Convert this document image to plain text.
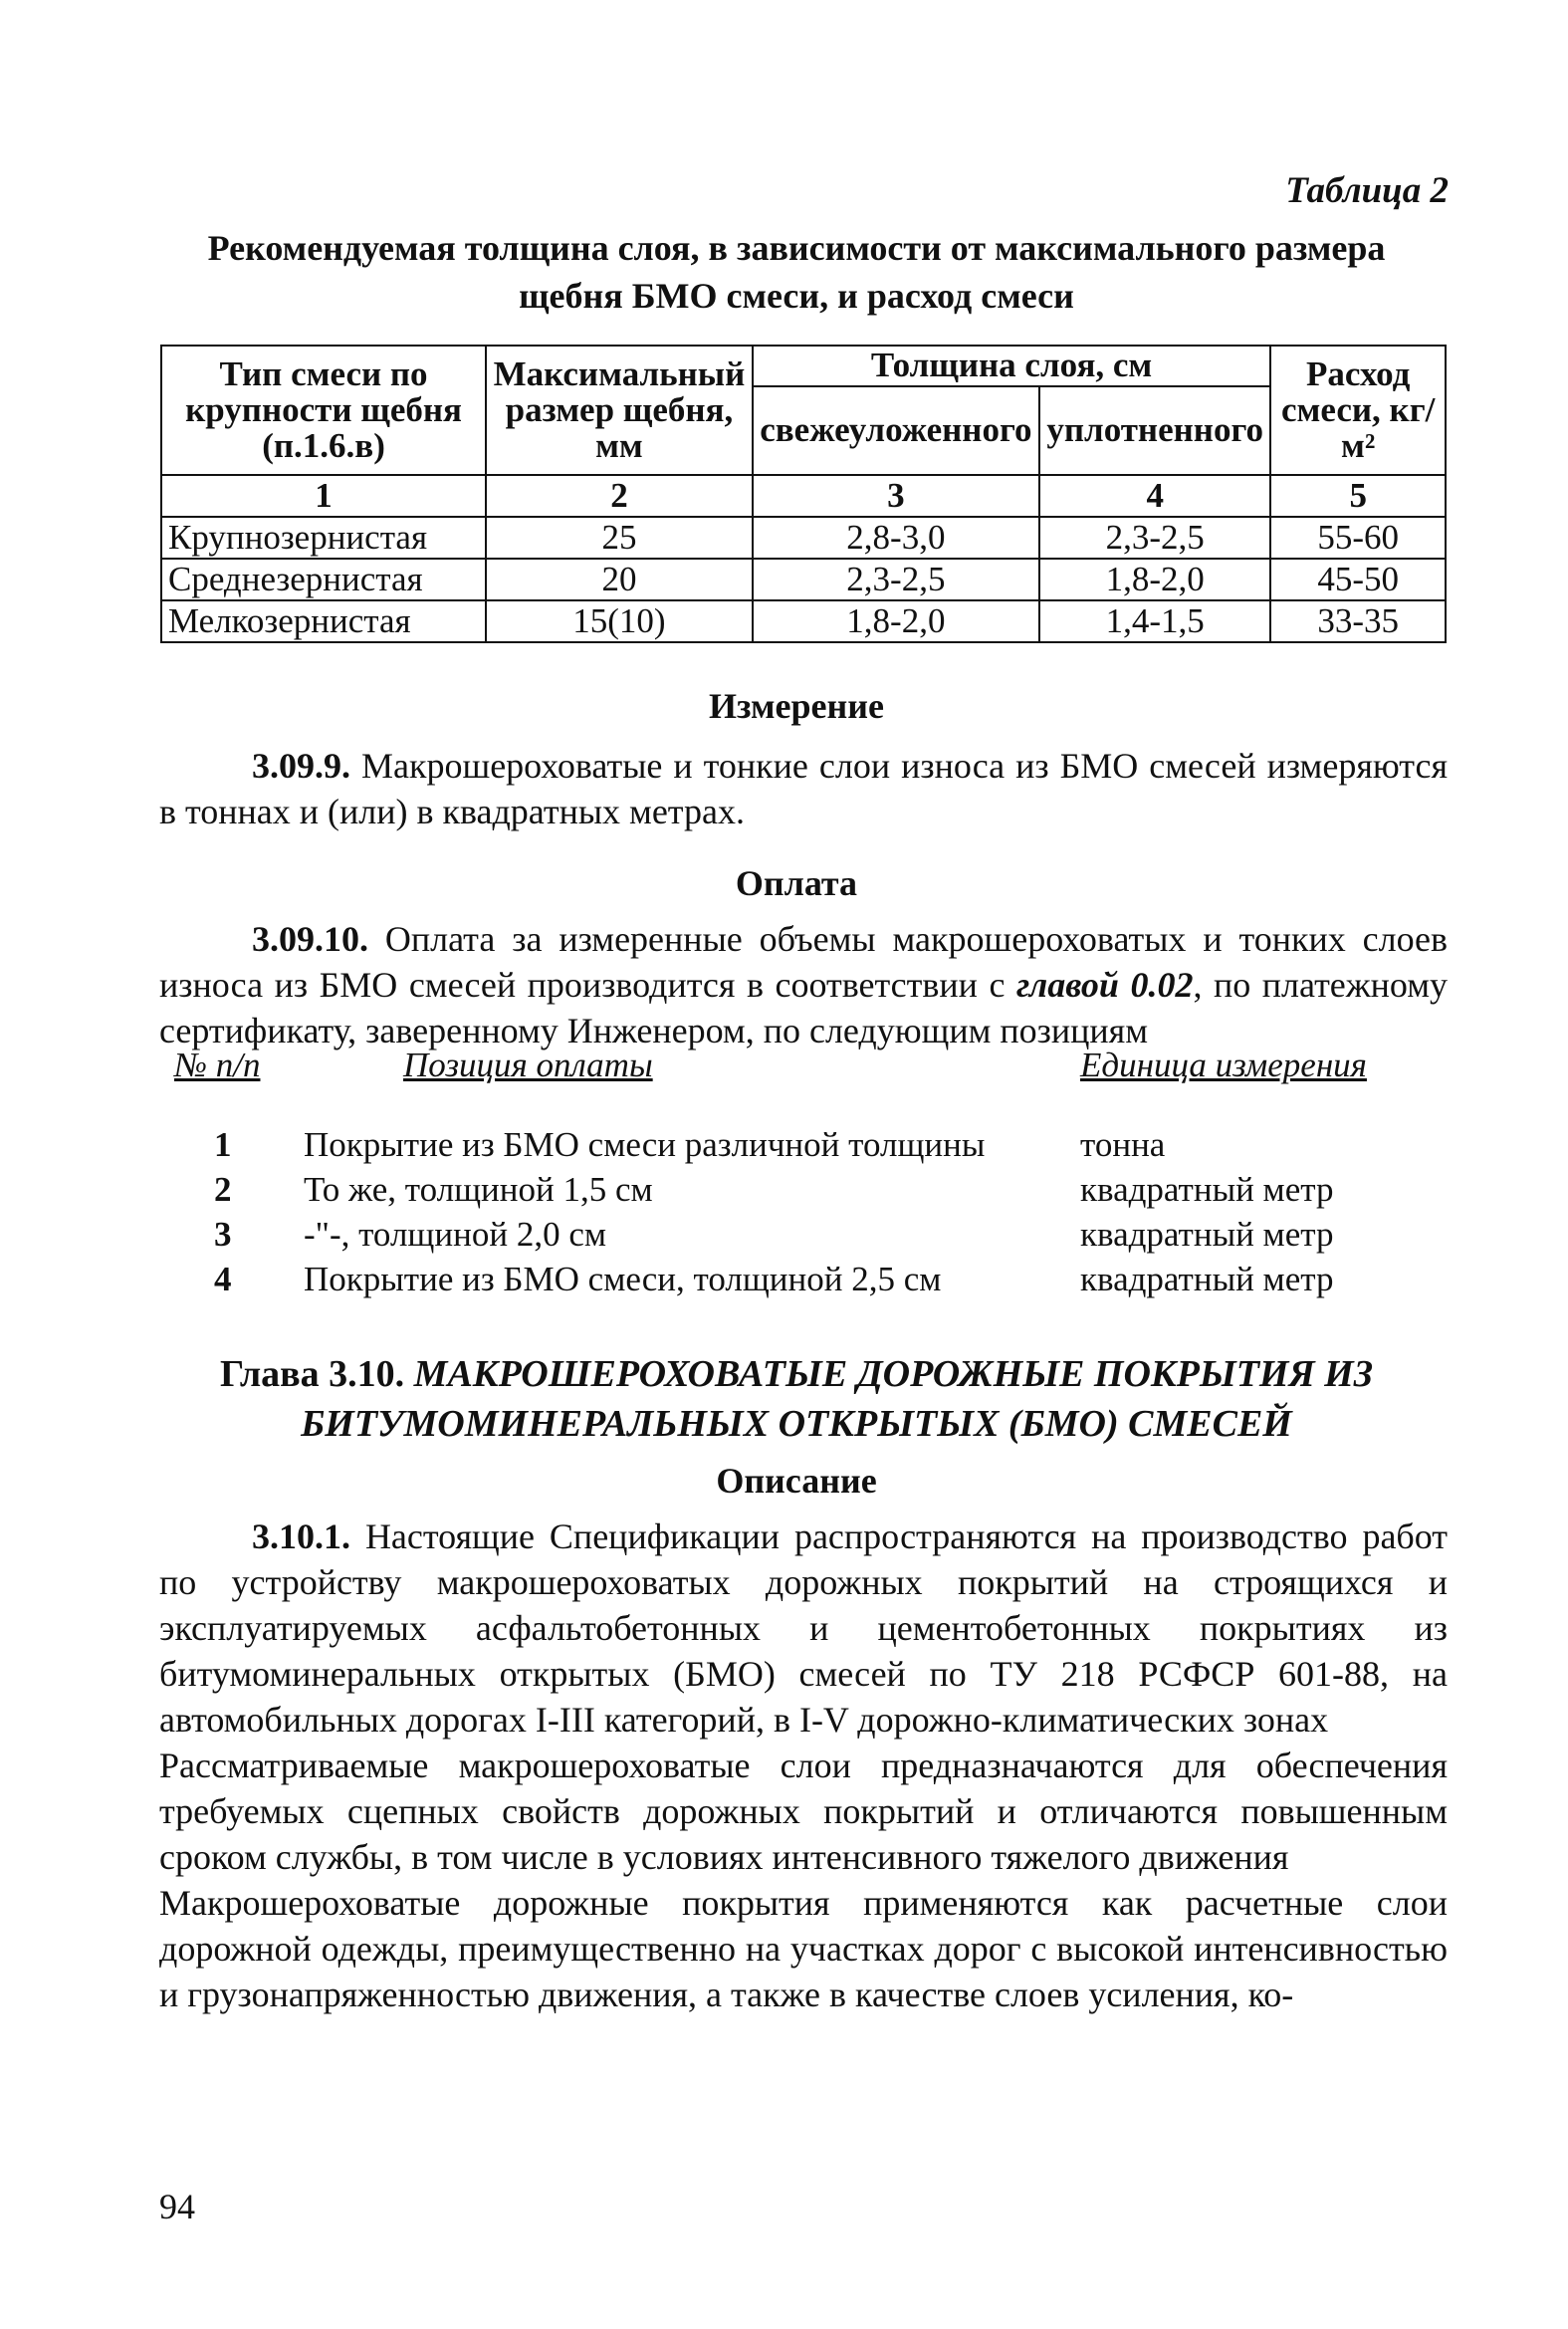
Таблица 2
Рекомендуемая толщина слоя, в зависимости от максимального размера
щебня БМО смеси, и расход смеси
Тип смеси по крупности щебня (п.1.6.в)	Максимальный размер щебня, мм	Толщина слоя, см		Расход смеси, кг/м²
		свежеуложенного	уплотненного	
1	2	3	4	5
Крупнозернистая	25	2,8-3,0	2,3-2,5	55-60
Среднезернистая	20	2,3-2,5	1,8-2,0	45-50
Мелкозернистая	15(10)	1,8-2,0	1,4-1,5	33-35
Измерение
3.09.9. Макрошероховатые и тонкие слои износа из БМО смесей измеряются в тоннах и (или) в квадратных метрах.
Оплата
3.09.10. Оплата за измеренные объемы макрошероховатых и тонких слоев износа из БМО смесей производится в соответствии с главой 0.02, по платежному сертификату, заверенному Инженером, по следующим позициям
№ п/п	Позиция оплаты	Единица измерения
1 Покрытие из БМО смеси различной толщины	тонна
2 То же, толщиной 1,5 см	квадратный метр
3 -"-, толщиной 2,0 см	квадратный метр
4 Покрытие из БМО смеси, толщиной 2,5 см	квадратный метр
Глава 3.10. МАКРОШЕРОХОВАТЫЕ ДОРОЖНЫЕ ПОКРЫТИЯ ИЗ
БИТУМОМИНЕРАЛЬНЫХ ОТКРЫТЫХ (БМО) СМЕСЕЙ
Описание
3.10.1. Настоящие Спецификации распространяются на производство работ по устройству макрошероховатых дорожных покрытий на строящихся и эксплуатируемых асфальтобетонных и цементобетонных покрытиях из битумоминеральных открытых (БМО) смесей по ТУ 218 РСФСР 601-88, на автомобильных дорогах I-III категорий, в I-V дорожно-климатических зонах
Рассматриваемые макрошероховатые слои предназначаются для обеспечения требуемых сцепных свойств дорожных покрытий и отличаются повышенным сроком службы, в том числе в условиях интенсивного тяжелого движения
Макрошероховатые дорожные покрытия применяются как расчетные слои дорожной одежды, преимущественно на участках дорог с высокой интенсивностью и грузонапряженностью движения, а также в качестве слоев усиления, ко-
94
